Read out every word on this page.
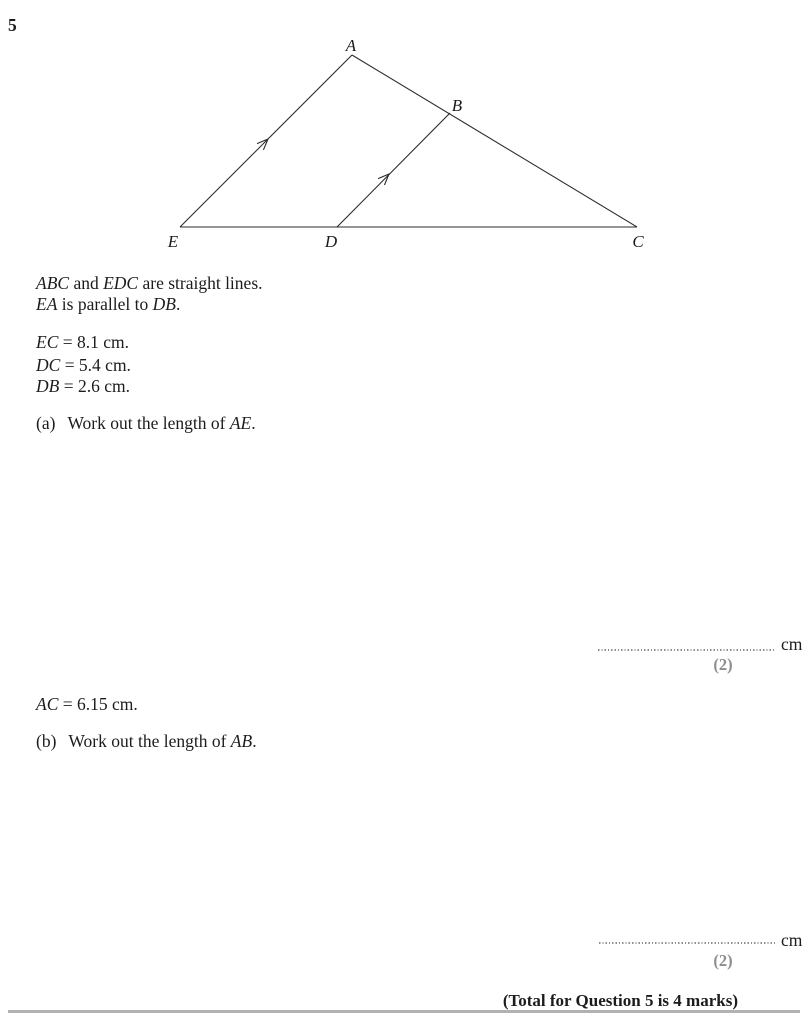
5
A
B
C
D
E

ABC and EDC are straight lines.

EA is parallel to DB.

EC = 8.1 cm.

DC = 5.4 cm.

DB = 2.6 cm.

(a) Work out the length of AE.

cm
(2)

AC = 6.15 cm.

(b) Work out the length of AB.

cm
(2)
(Total for Question 5 is 4 marks)
